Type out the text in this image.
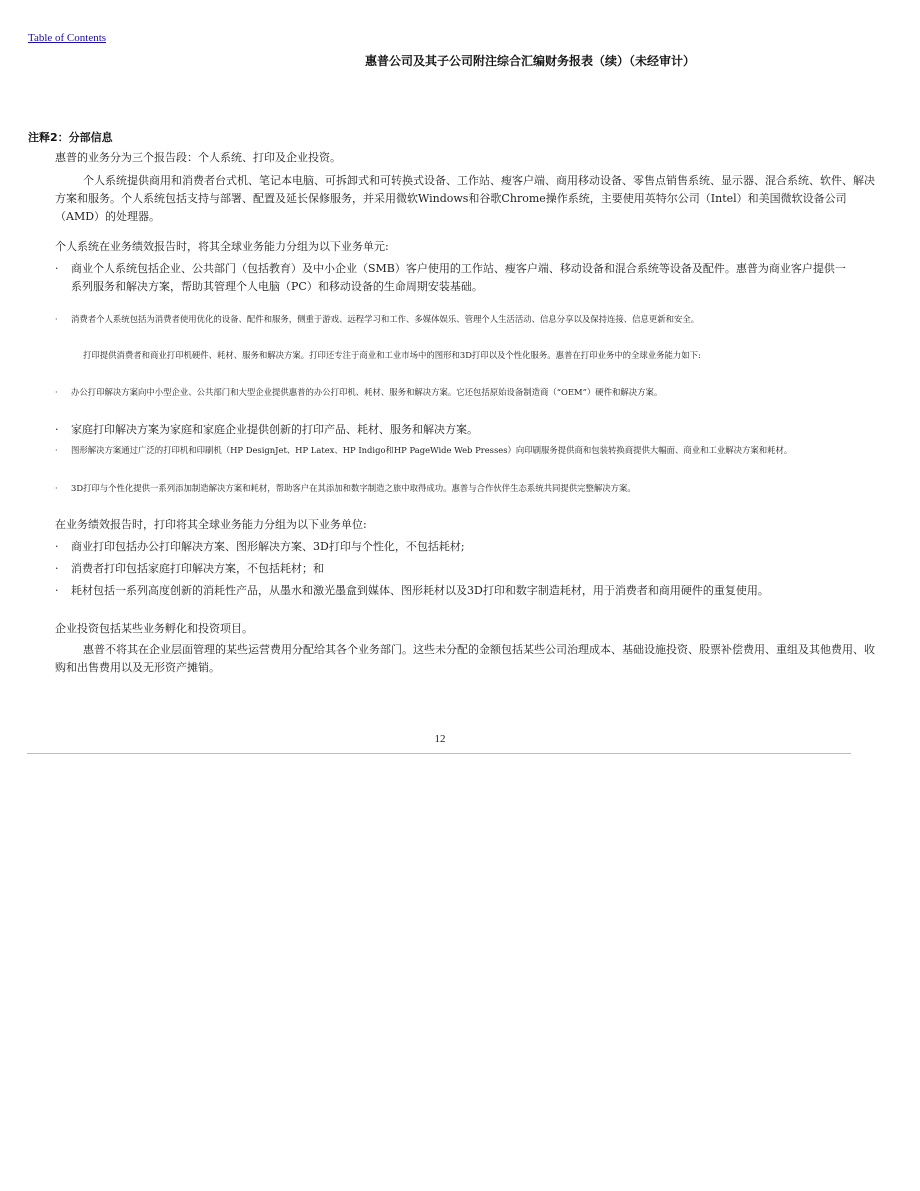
Table of Contents
惠普公司及其子公司附注综合汇编财务报表（续）（未经审计）
注释2：分部信息
惠普的业务分为三个报告段：个人系统、打印及企业投资。
个人系统提供商用和消费者台式机、笔记本电脑、可拆卸式和可转换式设备、工作站、瘦客户端、商用移动设备、零售点销售系统、显示器、混合系统、软件、解决方案和服务。个人系统包括支持与部署、配置及延长保修服务，并采用微软Windows和谷歌Chrome操作系统，主要使用英特尔公司（Intel）和美国微软设备公司（AMD）的处理器。
个人系统在业务绩效报告时，将其全球业务能力分组为以下业务单元:
· 商业个人系统包括企业、公共部门（包括教育）及中小企业（SMB）客户使用的工作站、瘦客户端、移动设备和混合系统等设备及配件。惠普为商业客户提供一系列服务和解决方案，帮助其管理个人电脑（PC）和移动设备的生命周期安装基础。
· 消费者个人系统包括为消费者使用优化的设备、配件和服务，侧重于游戏、远程学习和工作、多媒体娱乐、管理个人生活活动、信息分享以及保持连接、信息更新和安全。
打印提供消费者和商业打印机硬件、耗材、服务和解决方案。打印还专注于商业和工业市场中的图形和3D打印以及个性化服务。惠普在打印业务中的全球业务能力如下:
· 办公打印解决方案向中小型企业、公共部门和大型企业提供惠普的办公打印机、耗材、服务和解决方案。它还包括原始设备制造商（“OEM”）硬件和解决方案。
· 家庭打印解决方案为家庭和家庭企业提供创新的打印产品、耗材、服务和解决方案。
· 图形解决方案通过广泛的打印机和印刷机（HP DesignJet、HP Latex、HP Indigo和HP PageWide Web Presses）向印刷服务提供商和包装转换商提供大幅面、商业和工业解决方案和耗材。
· 3D打印与个性化提供一系列添加制造解决方案和耗材，帮助客户在其添加和数字制造之旅中取得成功。惠普与合作伙伴生态系统共同提供完整解决方案。
在业务绩效报告时，打印将其全球业务能力分组为以下业务单位:
· 商业打印包括办公打印解决方案、图形解决方案、3D打印与个性化，不包括耗材;
· 消费者打印包括家庭打印解决方案，不包括耗材；和
· 耗材包括一系列高度创新的消耗性产品，从墨水和激光墨盒到媒体、图形耗材以及3D打印和数字制造耗材，用于消费者和商用硬件的重复使用。
企业投资包括某些业务孵化和投资项目。
惠普不将其在企业层面管理的某些运营费用分配给其各个业务部门。这些未分配的金额包括某些公司治理成本、基础设施投资、股票补偿费用、重组及其他费用、收购和出售费用以及无形资产摊销。
12
